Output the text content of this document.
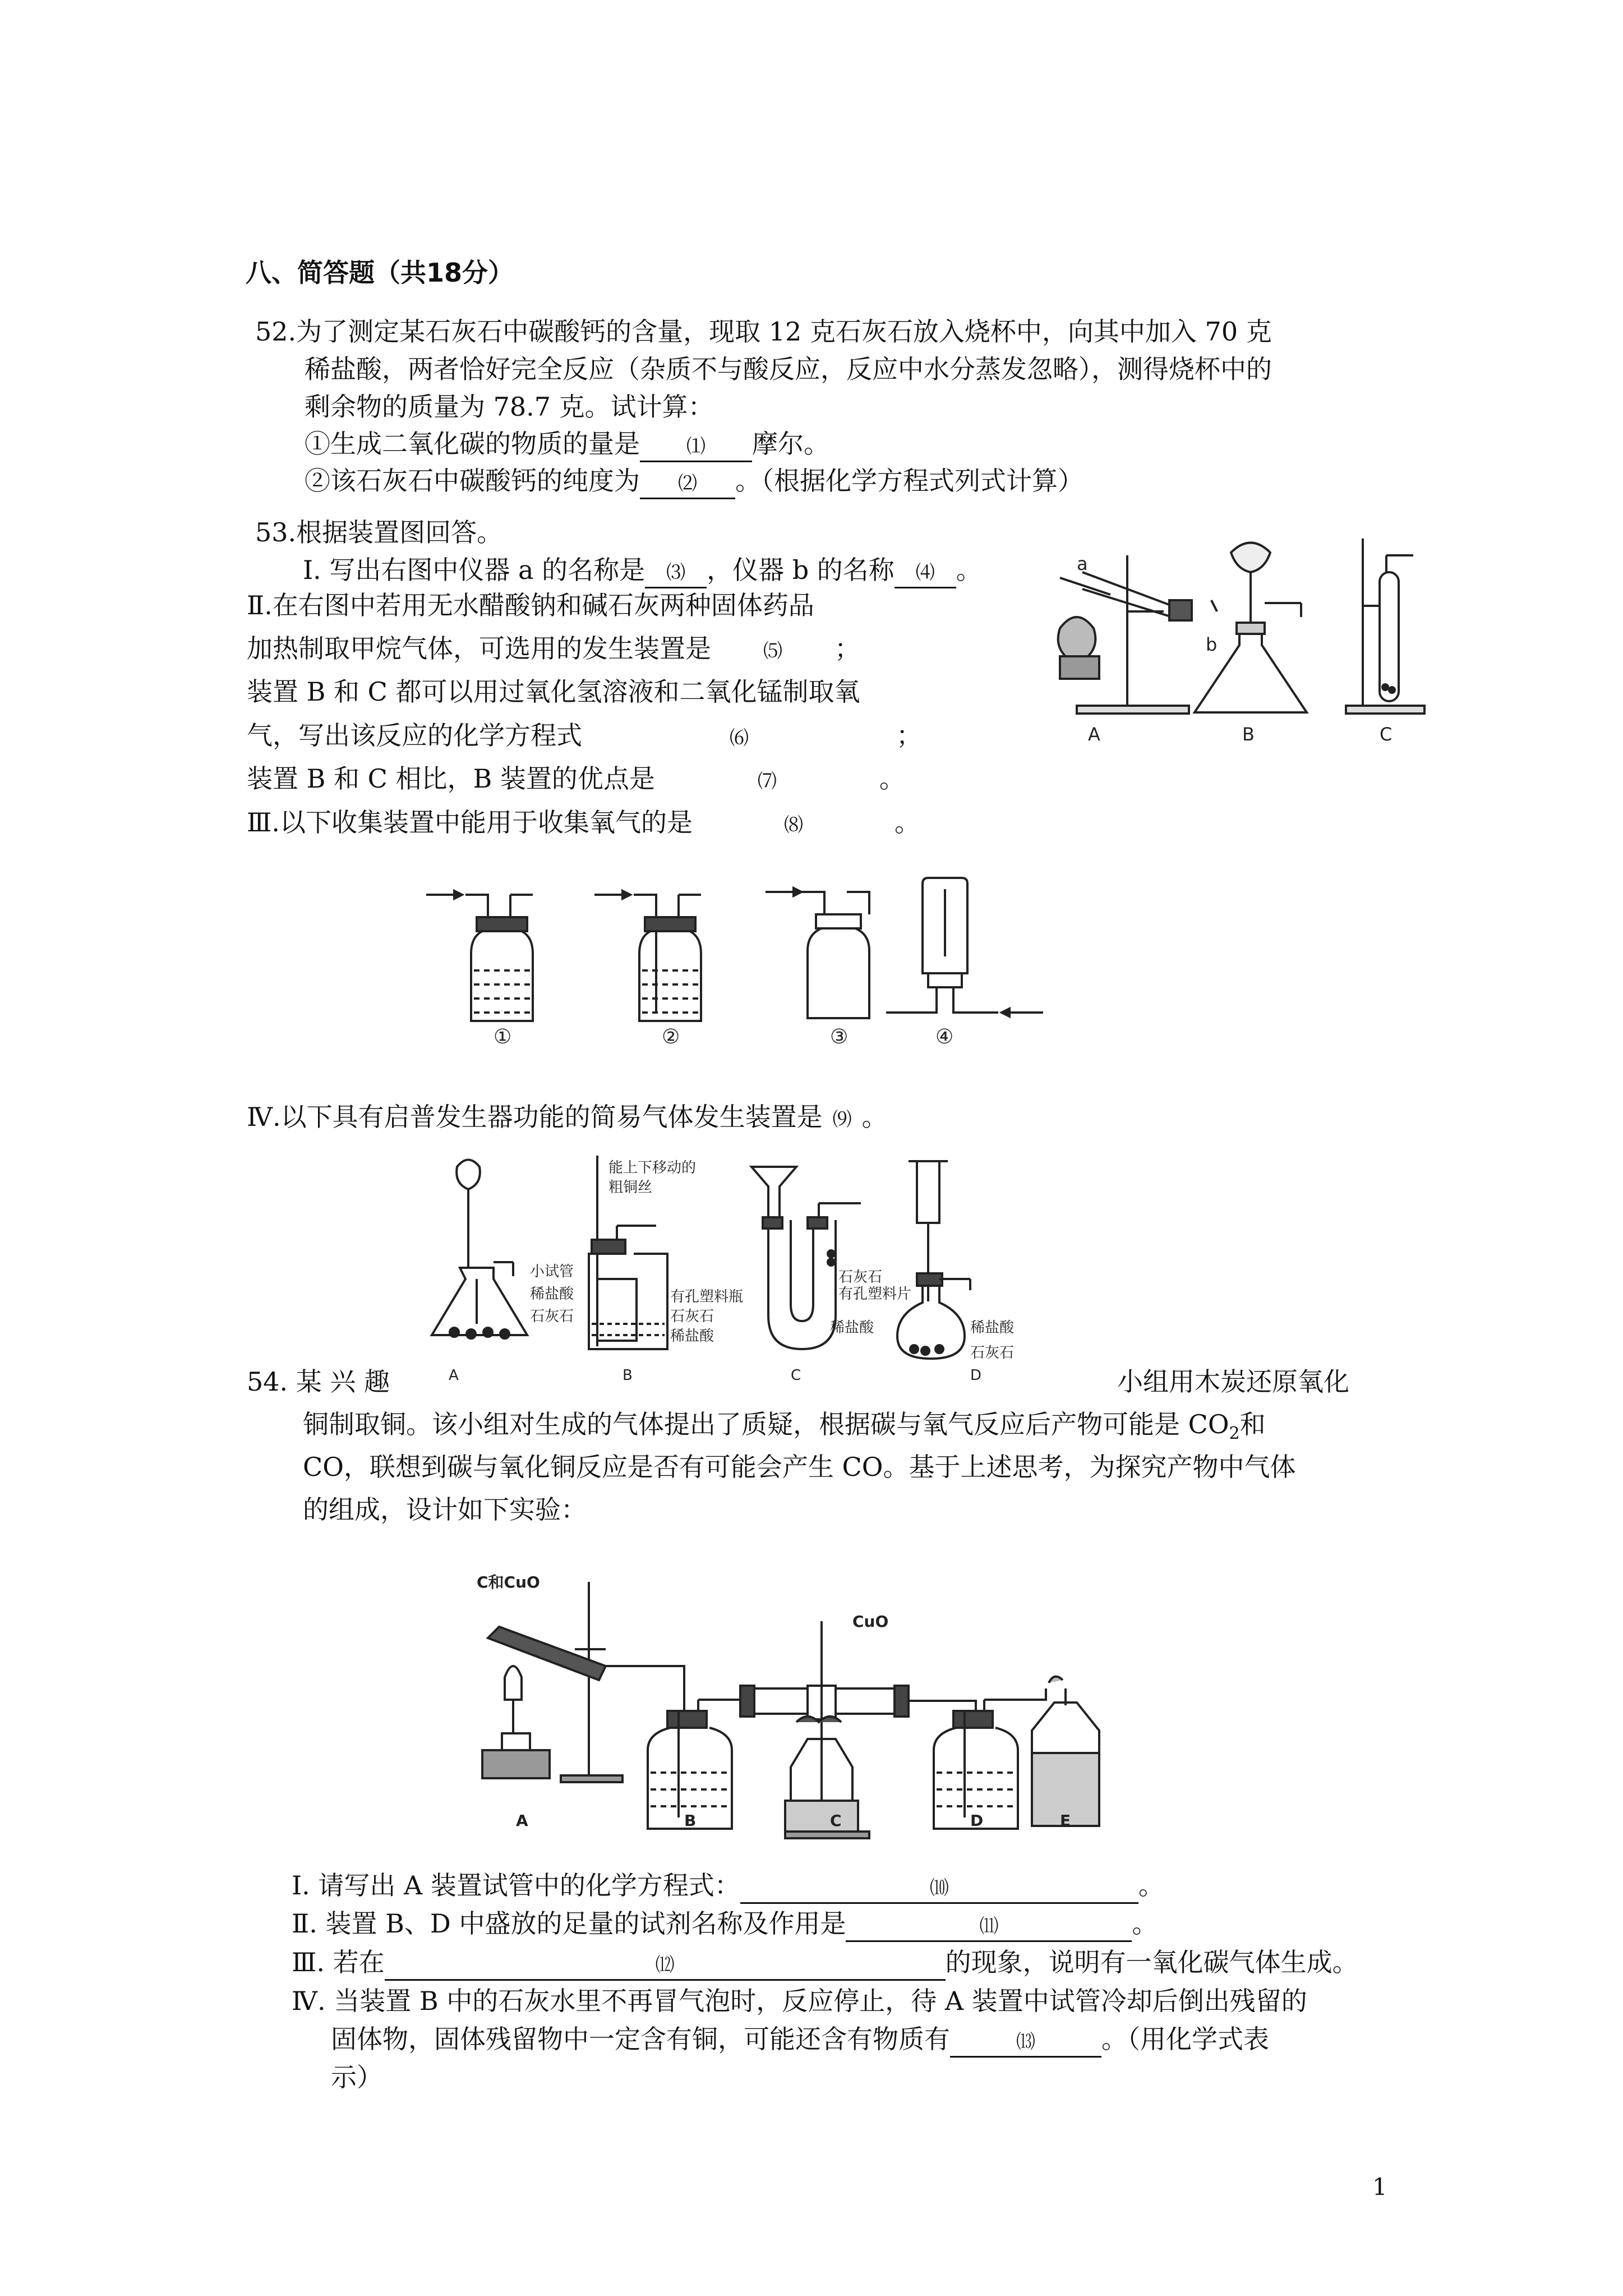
八、简答题（共18分）
52.为了测定某石灰石中碳酸钙的含量，现取 12 克石灰石放入烧杯中，向其中加入 70 克
稀盐酸，两者恰好完全反应（杂质不与酸反应，反应中水分蒸发忽略），测得烧杯中的
剩余物的质量为 78.7 克。试计算：
①生成二氧化碳的物质的量是 ⑴ 摩尔。
②该石灰石中碳酸钙的纯度为 ⑵ 。（根据化学方程式列式计算）
53.根据装置图回答。
Ⅰ. 写出右图中仪器 a 的名称是 ⑶ ，仪器 b 的名称 ⑷ 。
Ⅱ.在右图中若用无水醋酸钠和碱石灰两种固体药品
加热制取甲烷气体，可选用的发生装置是	⑸ ；
装置 B 和 C 都可以用过氧化氢溶液和二氧化锰制取氧
气，写出该反应的化学方程式	⑹	；
装置 B 和 C 相比，B 装置的优点是	⑺	。
Ⅲ.以下收集装置中能用于收集氧气的是	⑻	。
a
b
A	B	C
①	②	③	④
Ⅳ.以下具有启普发生器功能的简易气体发生装置是 ⑼ 。
小试管
稀盐酸
石灰石
能上下移动的
粗铜丝
有孔塑料瓶
石灰石
稀盐酸
石灰石
有孔塑料片
稀盐酸	稀盐酸
石灰石
A	B	C	D
54. 某 兴 趣	小组用木炭还原氧化
铜制取铜。该小组对生成的气体提出了质疑，根据碳与氧气反应后产物可能是 $CO_2$和
CO，联想到碳与氧化铜反应是否有可能会产生 CO。基于上述思考，为探究产物中气体
的组成，设计如下实验：
C和CuO
CuO
A	B	C	D	E
Ⅰ. 请写出 A 装置试管中的化学方程式：	⑽	。
Ⅱ. 装置 B、D 中盛放的足量的试剂名称及作用是	⑾	。
Ⅲ. 若在	⑿	的现象，说明有一氧化碳气体生成。
Ⅳ. 当装置 B 中的石灰水里不再冒气泡时，反应停止，待 A 装置中试管冷却后倒出残留的
固体物，固体残留物中一定含有铜，可能还含有物质有	⒀	。（用化学式表
示）
1
